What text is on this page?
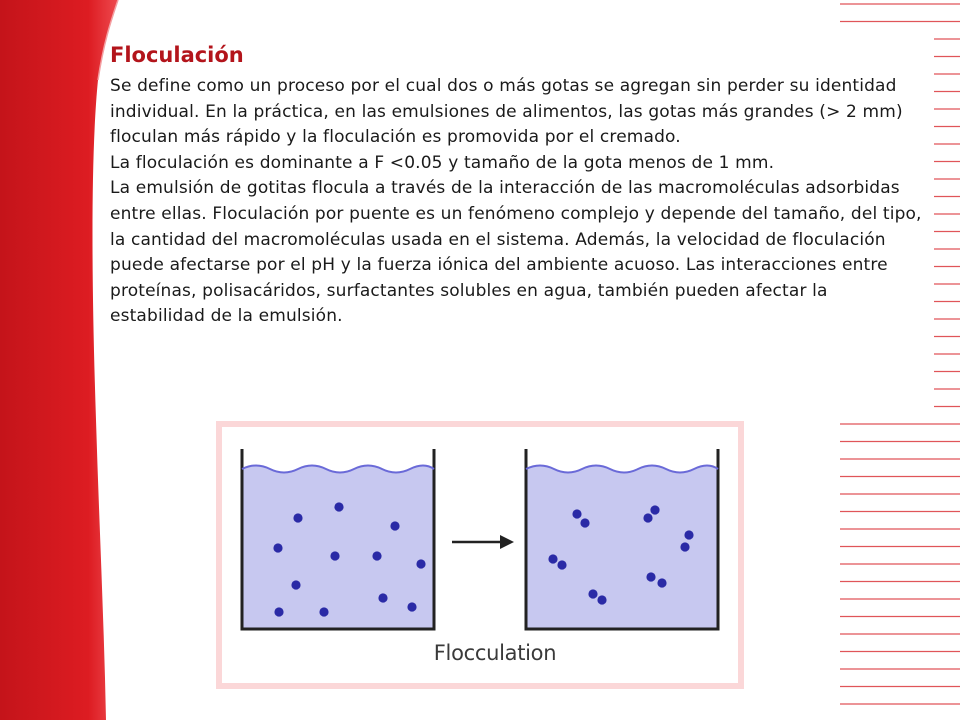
Floculación

Se define como un proceso por el cual dos o más gotas se agregan sin perder su identidad individual. En la práctica, en las emulsiones de alimentos, las gotas más grandes (> 2 mm) floculan más rápido y la floculación es promovida por el cremado.

La floculación es dominante a F <0.05 y tamaño de la gota menos de 1 mm.

La emulsión de gotitas flocula a través de la interacción de las macromoléculas adsorbidas entre ellas. Floculación por puente es un fenómeno complejo y depende del tamaño, del tipo, la cantidad del macromoléculas usada en el sistema. Además, la velocidad de floculación puede afectarse por el pH y la fuerza iónica del ambiente acuoso. Las interacciones entre proteínas, polisacáridos, surfactantes solubles en agua, también pueden afectar la estabilidad de la emulsión.

Flocculation
